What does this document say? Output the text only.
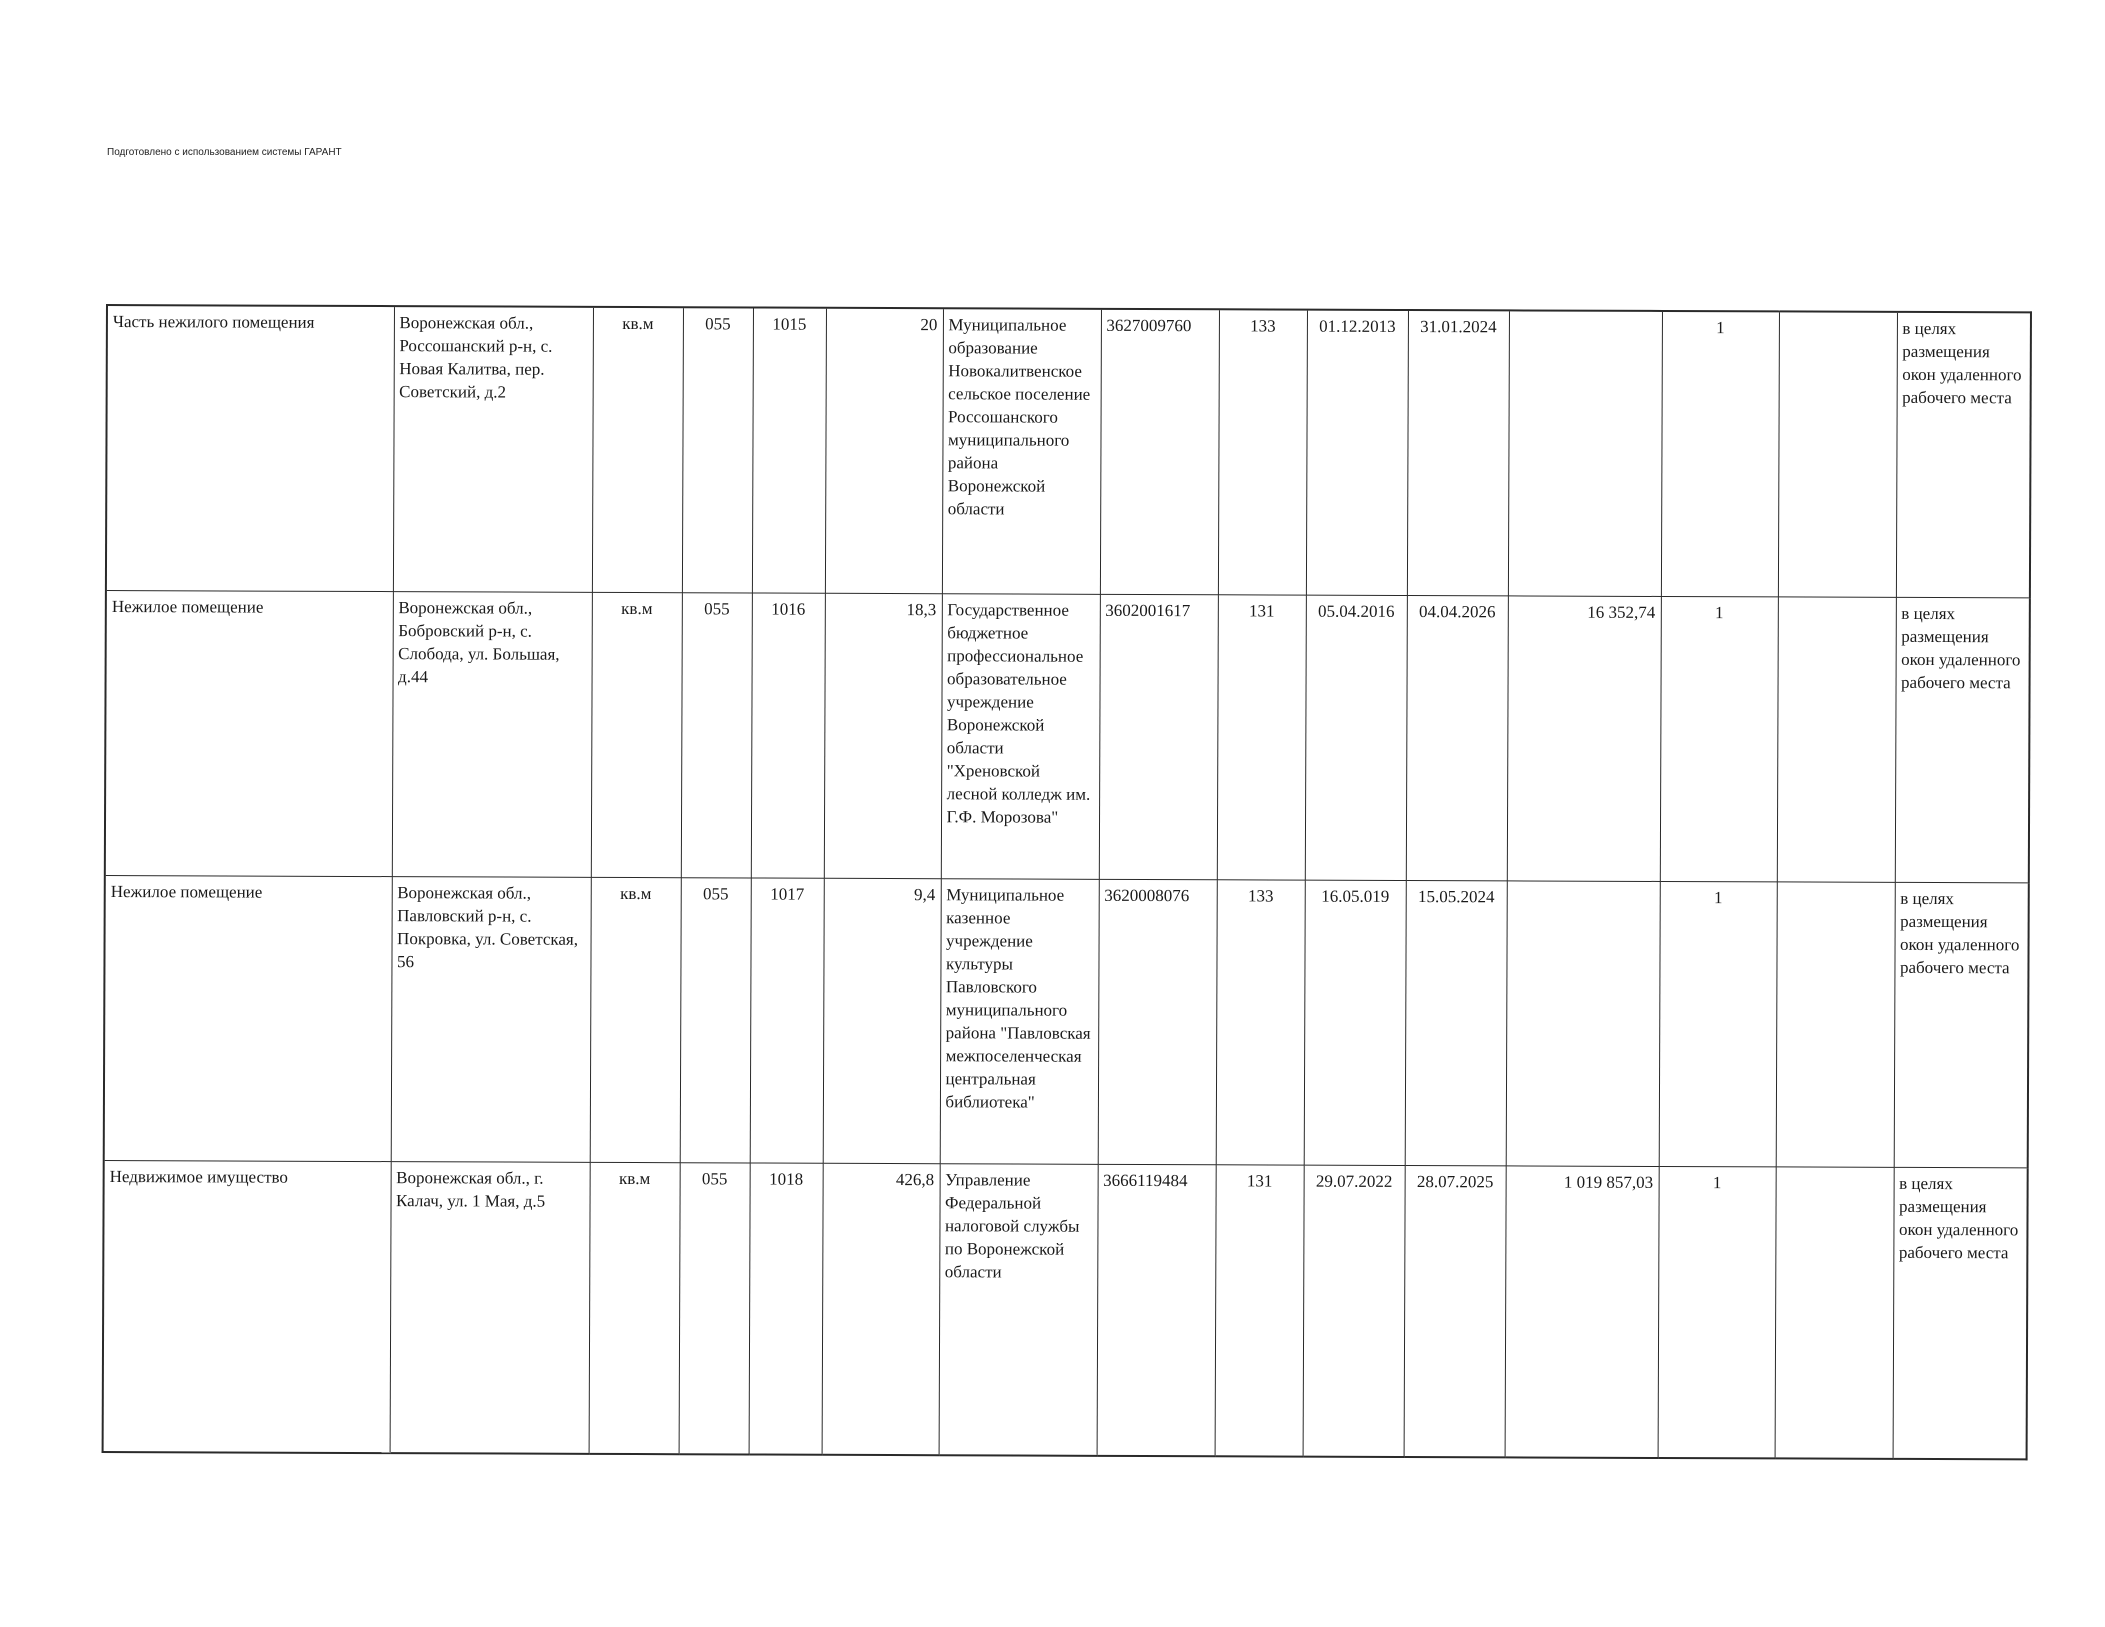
Подготовлено с использованием системы ГАРАНТ
Часть нежилого помещения	Воронежская обл., Россошанский р-н, с. Новая Калитва, пер. Советский, д.2	кв.м	055	1015	20	Муниципальное образование Новокалитвенское сельское поселение Россошанского муниципального района Воронежской области	3627009760	133	01.12.2013	31.01.2024		1		в целях размещения окон удаленного рабочего места
Нежилое помещение	Воронежская обл., Бобровский р-н, с. Слобода, ул. Большая, д.44	кв.м	055	1016	18,3	Государственное бюджетное профессиональное образовательное учреждение Воронежской области "Хреновской лесной колледж им. Г.Ф. Морозова"	3602001617	131	05.04.2016	04.04.2026	16 352,74	1		в целях размещения окон удаленного рабочего места
Нежилое помещение	Воронежская обл., Павловский р-н, с. Покровка, ул. Советская, 56	кв.м	055	1017	9,4	Муниципальное казенное учреждение культуры Павловского муниципального района "Павловская межпоселенческая центральная библиотека"	3620008076	133	16.05.019	15.05.2024		1		в целях размещения окон удаленного рабочего места
Недвижимое имущество	Воронежская обл., г. Калач, ул. 1 Мая, д.5	кв.м	055	1018	426,8	Управление Федеральной налоговой службы по Воронежской области	3666119484	131	29.07.2022	28.07.2025	1 019 857,03	1		в целях размещения окон удаленного рабочего места
